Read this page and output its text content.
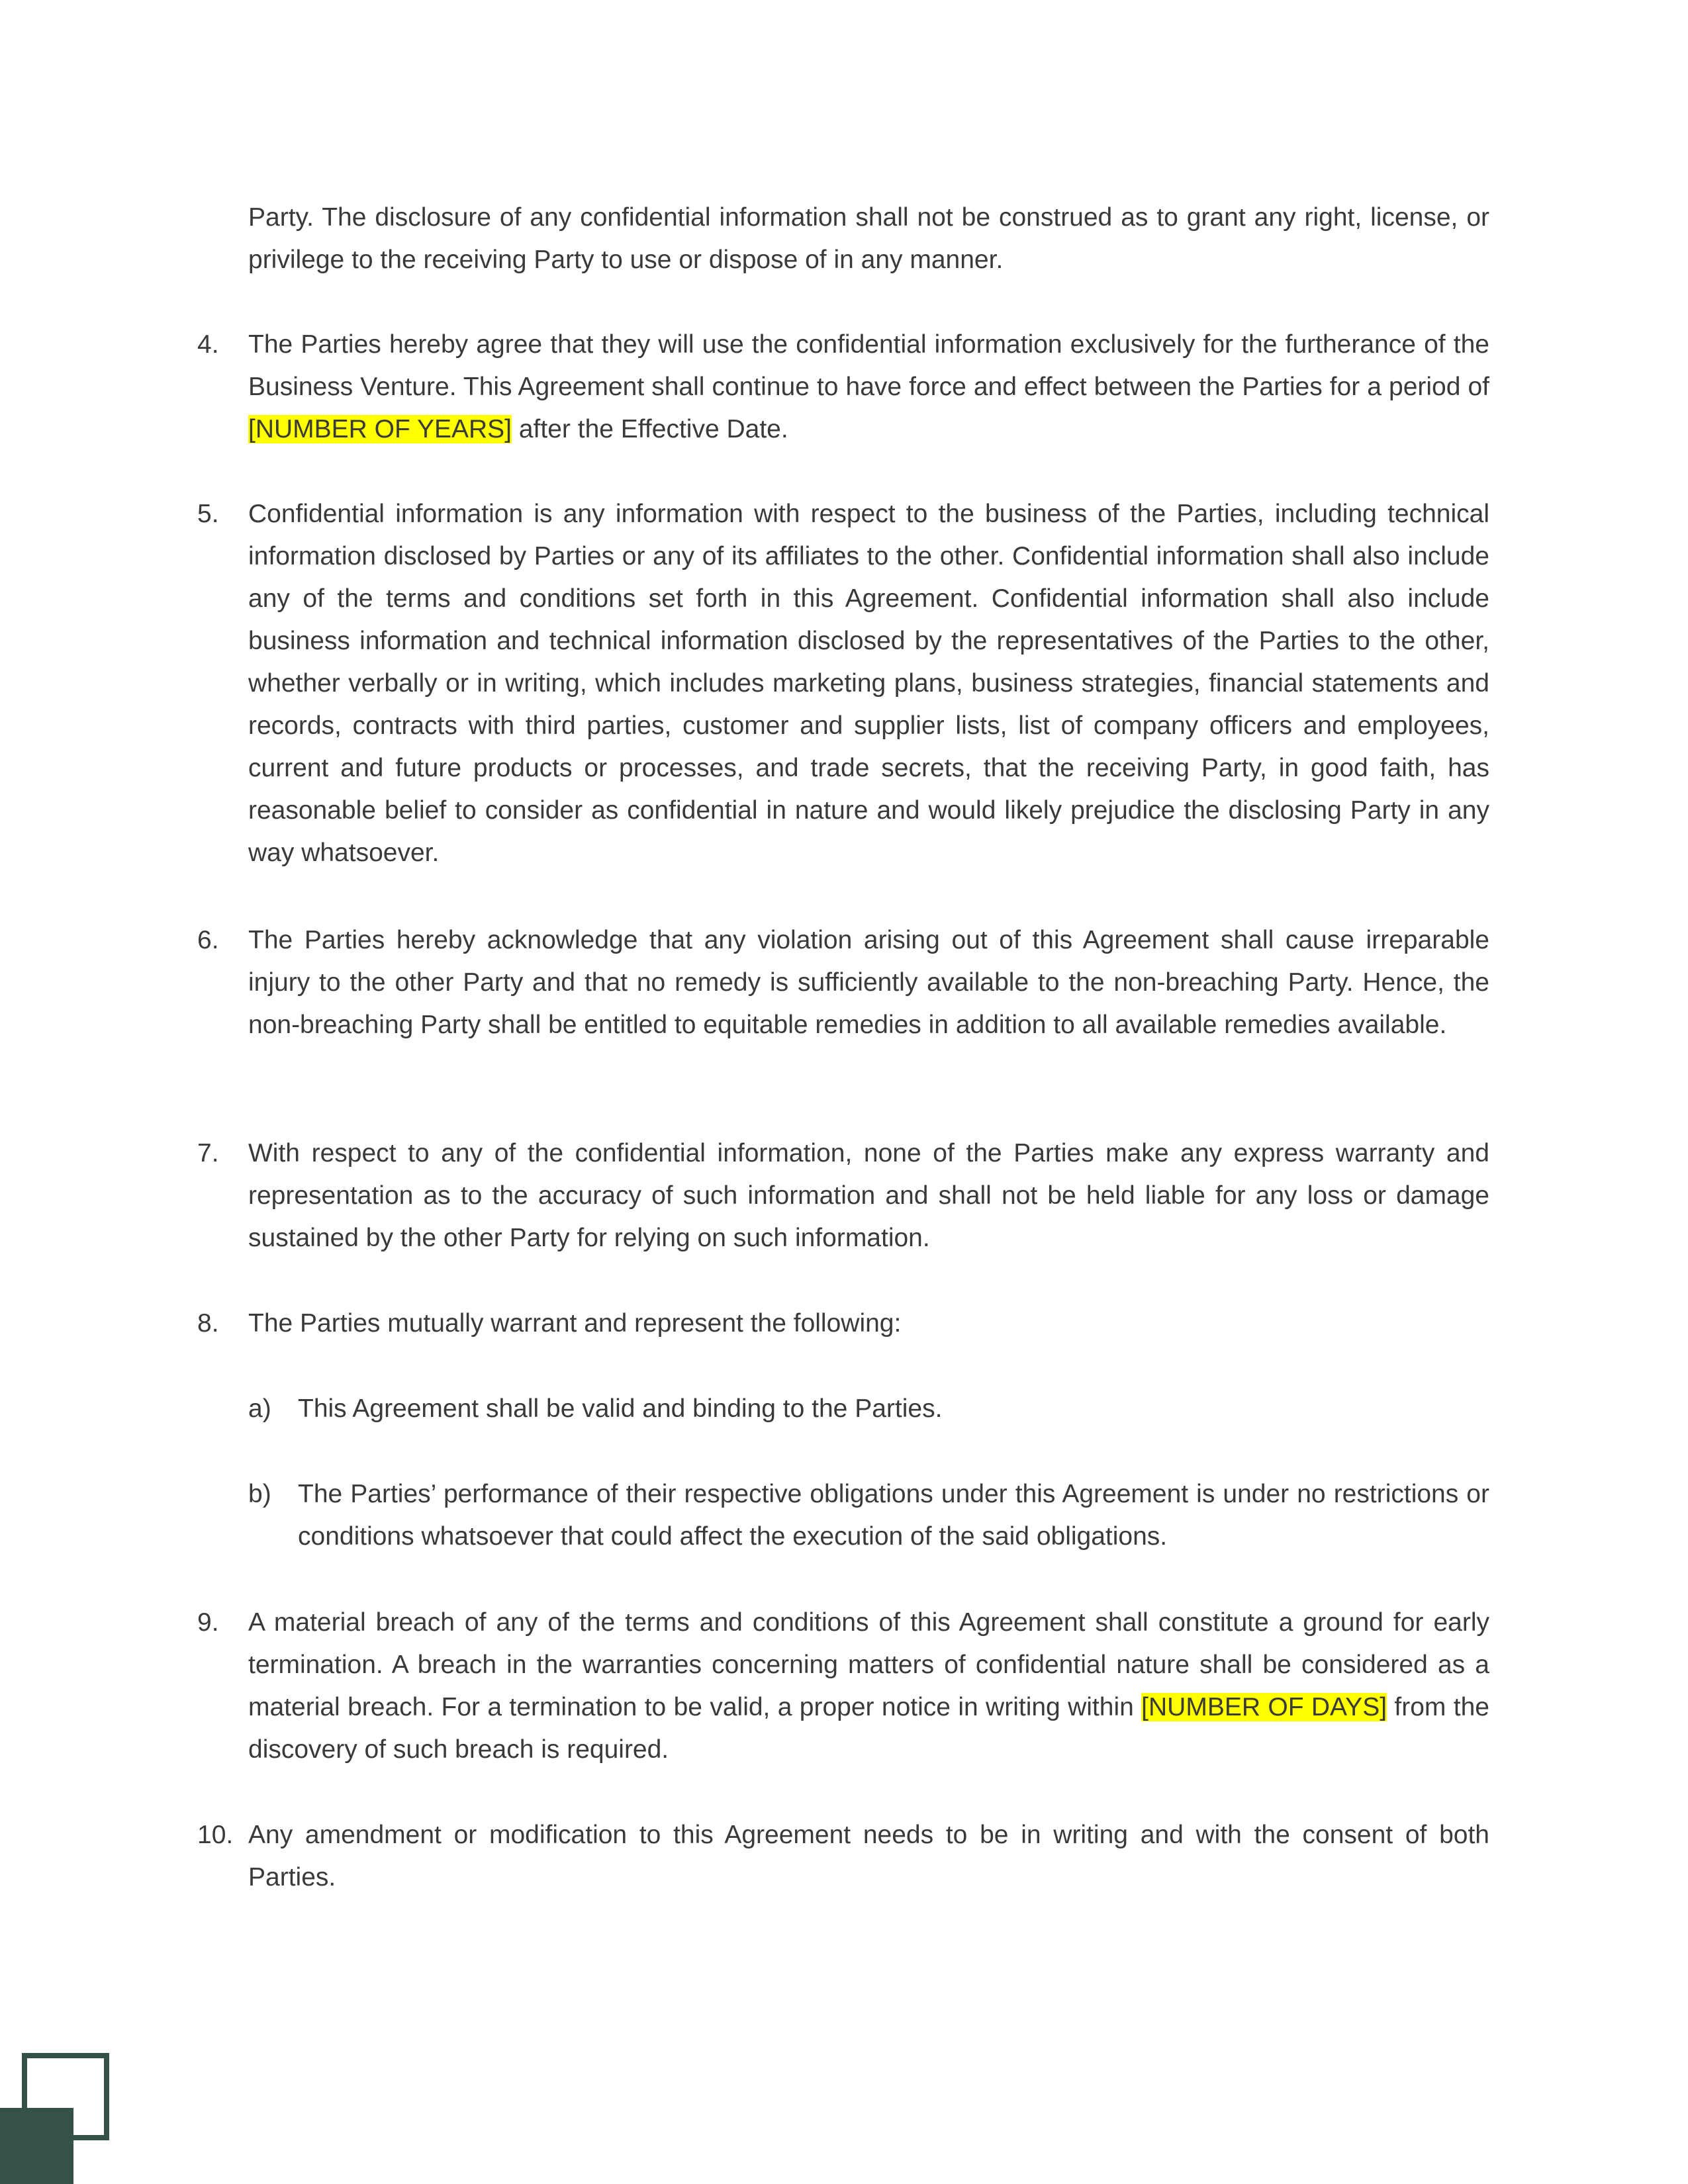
Party. The disclosure of any confidential information shall not be construed as to grant any right, license, or privilege to the receiving Party to use or dispose of in any manner.

4.	The Parties hereby agree that they will use the confidential information exclusively for the furtherance of the Business Venture. This Agreement shall continue to have force and effect between the Parties for a period of [NUMBER OF YEARS] after the Effective Date.

5.	Confidential information is any information with respect to the business of the Parties, including technical information disclosed by Parties or any of its affiliates to the other. Confidential information shall also include any of the terms and conditions set forth in this Agreement. Confidential information shall also include business information and technical information disclosed by the representatives of the Parties to the other, whether verbally or in writing, which includes marketing plans, business strategies, financial statements and records, contracts with third parties, customer and supplier lists, list of company officers and employees, current and future products or processes, and trade secrets, that the receiving Party, in good faith, has reasonable belief to consider as confidential in nature and would likely prejudice the disclosing Party in any way whatsoever.

6.	The Parties hereby acknowledge that any violation arising out of this Agreement shall cause irreparable injury to the other Party and that no remedy is sufficiently available to the non-breaching Party. Hence, the non-breaching Party shall be entitled to equitable remedies in addition to all available remedies available.

7.	With respect to any of the confidential information, none of the Parties make any express warranty and representation as to the accuracy of such information and shall not be held liable for any loss or damage sustained by the other Party for relying on such information.

8.	The Parties mutually warrant and represent the following:

a)	This Agreement shall be valid and binding to the Parties.

b)	The Parties’ performance of their respective obligations under this Agreement is under no restrictions or conditions whatsoever that could affect the execution of the said obligations.

9.	A material breach of any of the terms and conditions of this Agreement shall constitute a ground for early termination. A breach in the warranties concerning matters of confidential nature shall be considered as a material breach. For a termination to be valid, a proper notice in writing within [NUMBER OF DAYS] from the discovery of such breach is required.

10. Any amendment or modification to this Agreement needs to be in writing and with the consent of both Parties.
